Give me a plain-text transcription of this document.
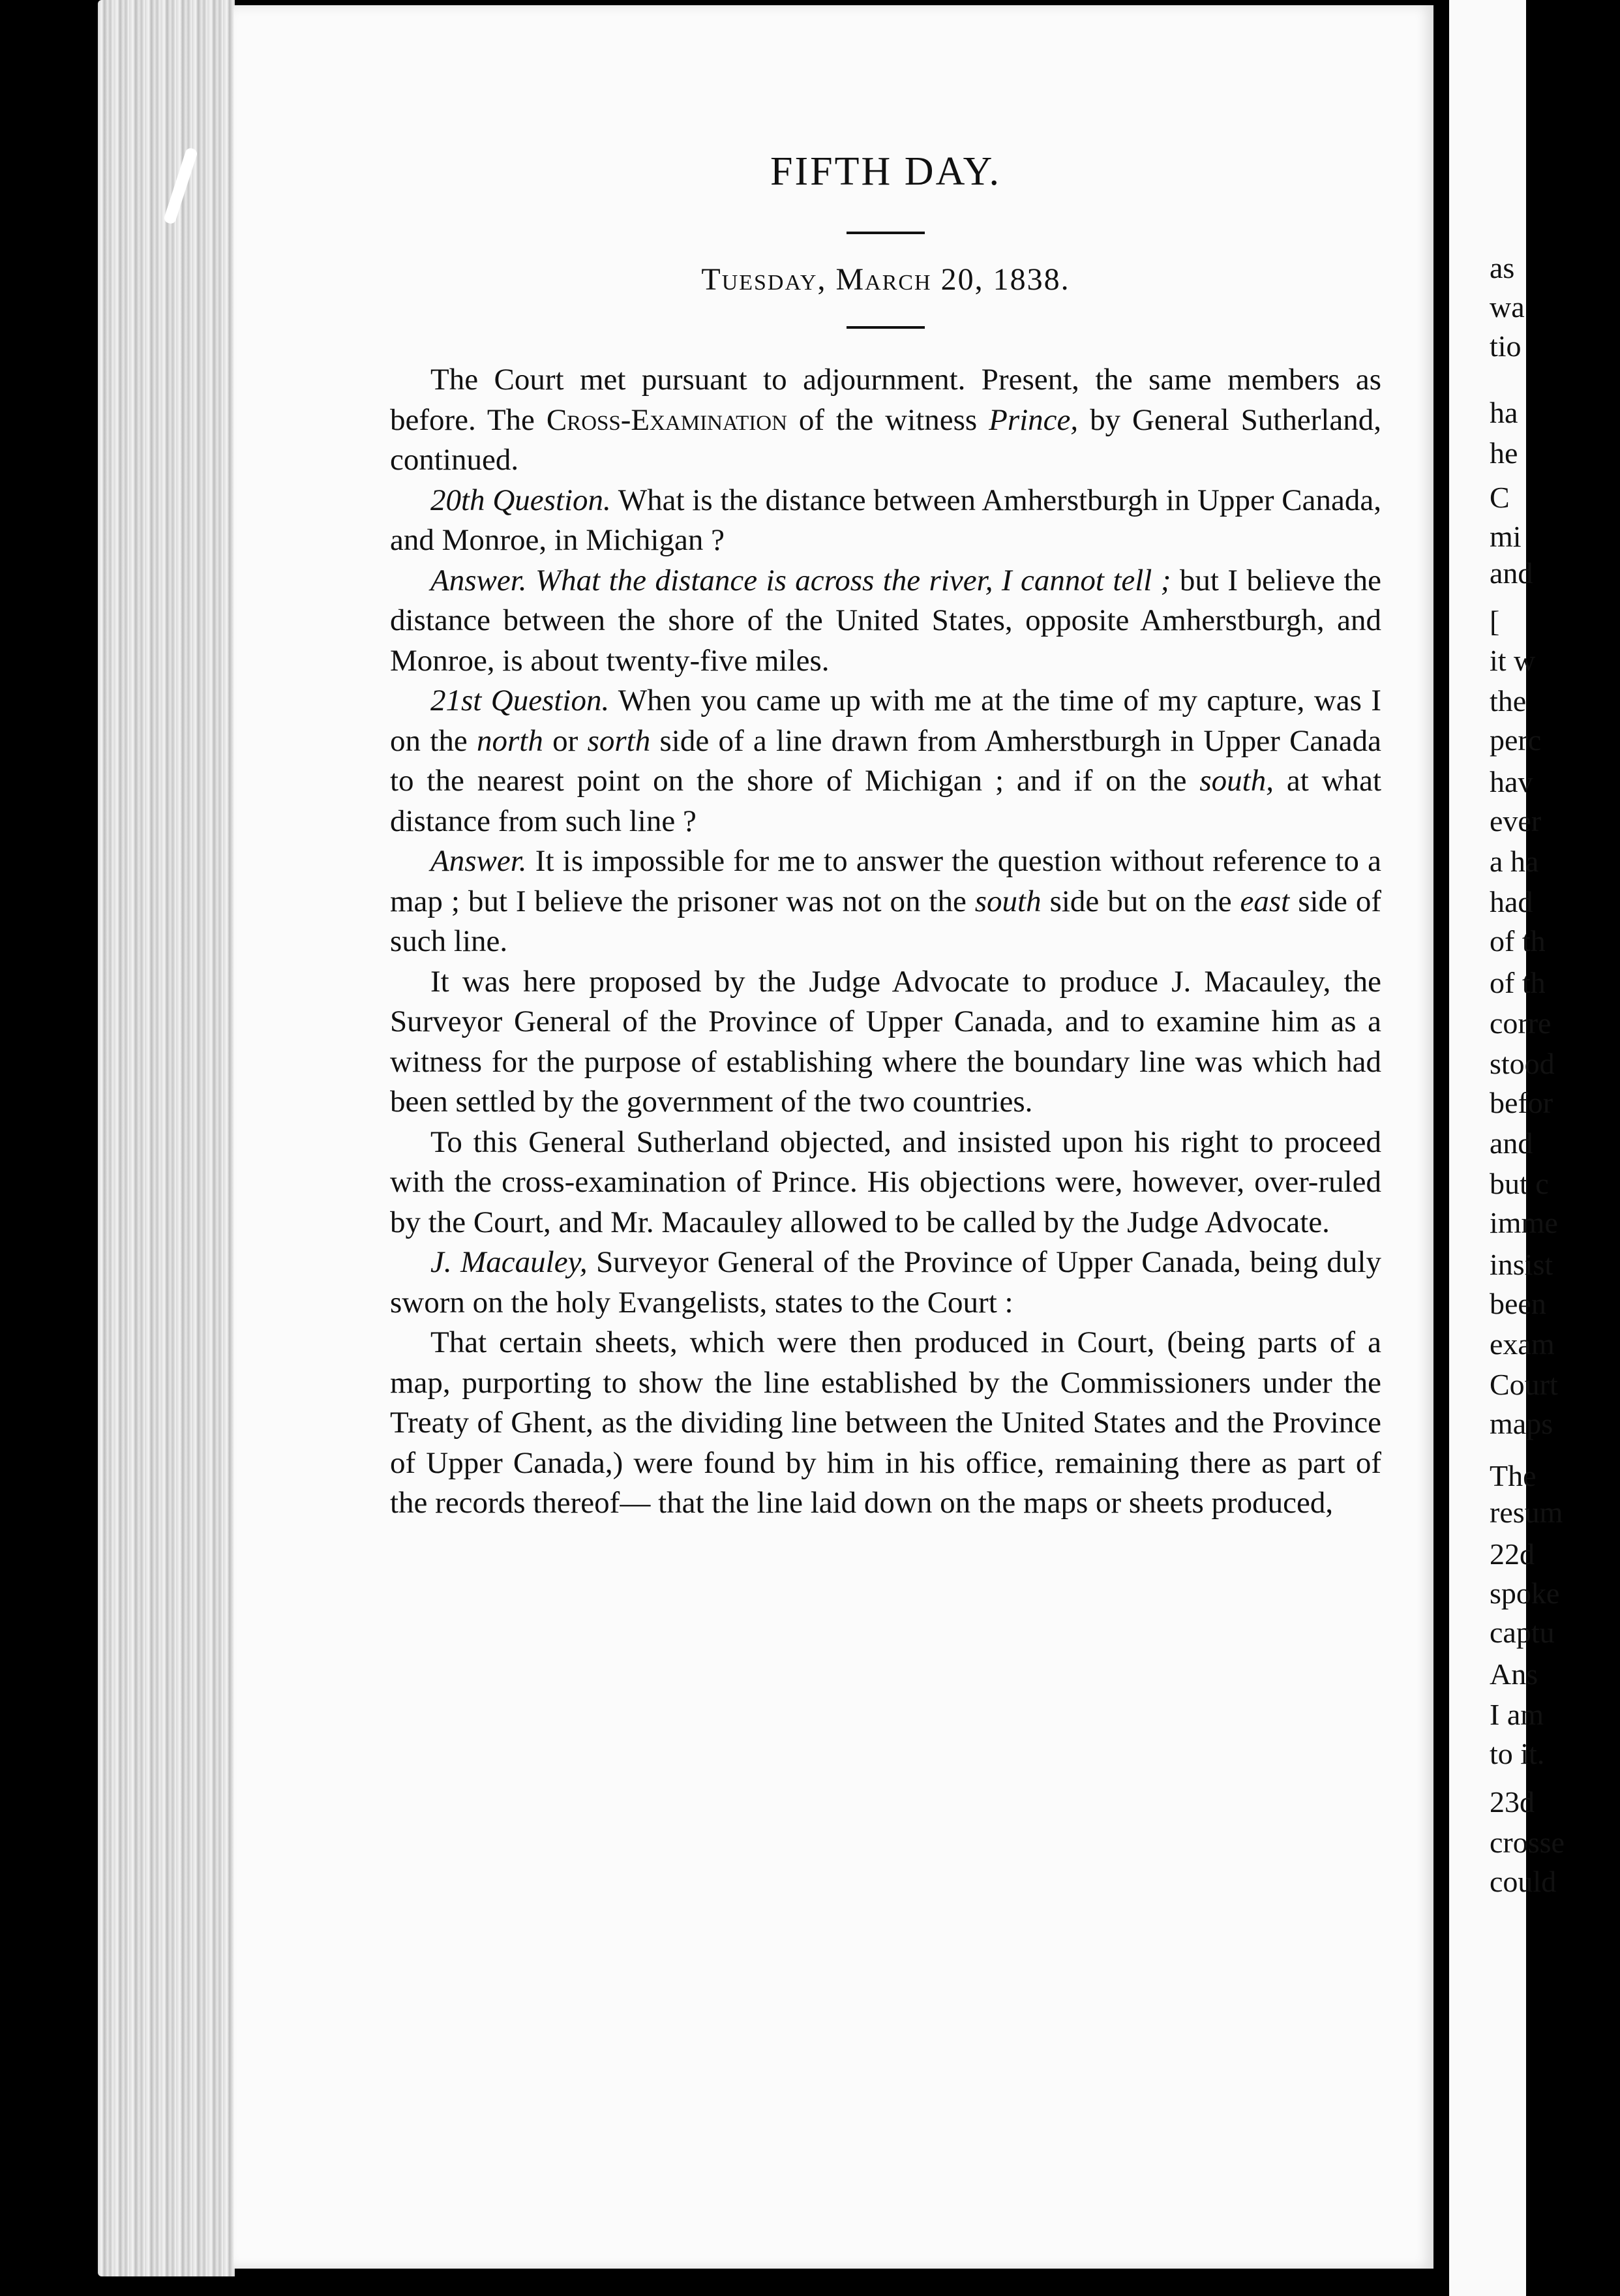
FIFTH DAY.
Tuesday, March 20, 1838.

The Court met pursuant to adjournment. Present, the same members as before. The Cross-Examination of the witness Prince, by General Sutherland, continued.

20th Question. What is the distance between Amherstburgh in Upper Canada, and Monroe, in Michigan ?

Answer. What the distance is across the river, I cannot tell ; but I believe the distance between the shore of the United States, opposite Amherstburgh, and Monroe, is about twenty-five miles.

21st Question. When you came up with me at the time of my capture, was I on the north or sorth side of a line drawn from Amherstburgh in Upper Canada to the nearest point on the shore of Michigan ; and if on the south, at what distance from such line ?

Answer. It is impossible for me to answer the question without reference to a map ; but I believe the prisoner was not on the south side but on the east side of such line.

It was here proposed by the Judge Advocate to produce J. Macauley, the Surveyor General of the Province of Upper Canada, and to examine him as a witness for the purpose of establishing where the boundary line was which had been settled by the government of the two countries.

To this General Sutherland objected, and insisted upon his right to proceed with the cross-examination of Prince. His objections were, however, over-ruled by the Court, and Mr. Macauley allowed to be called by the Judge Advocate.

J. Macauley, Surveyor General of the Province of Upper Canada, being duly sworn on the holy Evangelists, states to the Court :

That certain sheets, which were then produced in Court, (being parts of a map, purporting to show the line established by the Commissioners under the Treaty of Ghent, as the dividing line between the United States and the Province of Upper Canada,) were found by him in his office, remaining there as part of the records thereof— that the line laid down on the maps or sheets produced,

as
wa
tio
ha
he
C
mi
and
[
it w
the
perc
hav
ever
a ha
had
of th
of th
corre
stood
befor
and
but c
imme
insist
been
exam
Court
maps
The
resum
22d
spoke
captu
Ans
I am
to it.
23d
crosse
could
